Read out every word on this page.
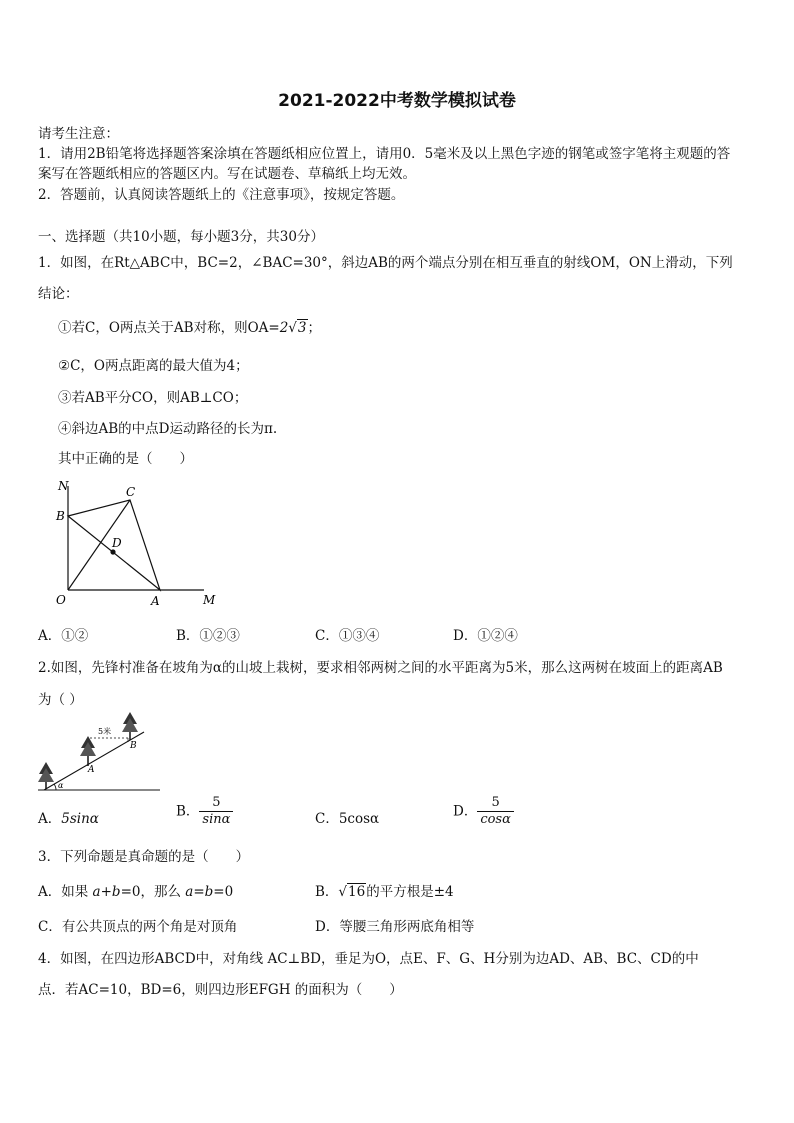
2021-2022中考数学模拟试卷
请考生注意：
1．请用2B铅笔将选择题答案涂填在答题纸相应位置上，请用0．5毫米及以上黑色字迹的钢笔或签字笔将主观题的答
案写在答题纸相应的答题区内。写在试题卷、草稿纸上均无效。
2．答题前，认真阅读答题纸上的《注意事项》，按规定答题。
一、选择题（共10小题，每小题3分，共30分）
1．如图，在Rt△ABC中，BC=2，∠BAC=30°，斜边AB的两个端点分别在相互垂直的射线OM，ON上滑动，下列
结论：
①若C，O两点关于AB对称，则OA=2√3；
②C，O两点距离的最大值为4；
③若AB平分CO，则AB⊥CO；
④斜边AB的中点D运动路径的长为π.
其中正确的是（　　）
N	C
B
D
O	A	M
A．①②	B．①②③	C．①③④	D．①②④
2.如图，先锋村准备在坡角为α的山坡上栽树，要求相邻两树之间的水平距离为5米，那么这两树在坡面上的距离AB
为（ ）
α
5米
A
B
A．5sinα	B． $\frac{5}{\sin\alpha}$	C．5cosα	D． $\frac{5}{\cos\alpha}$
3．下列命题是真命题的是（　　）
A．如果 a+b=0，那么 a=b=0	B．√16的平方根是±4
C．有公共顶点的两个角是对顶角	D．等腰三角形两底角相等
4．如图，在四边形ABCD中，对角线 AC⊥BD，垂足为O，点E、F、G、H分别为边AD、AB、BC、CD的中
点．若AC=10，BD=6，则四边形EFGH 的面积为（　　）
